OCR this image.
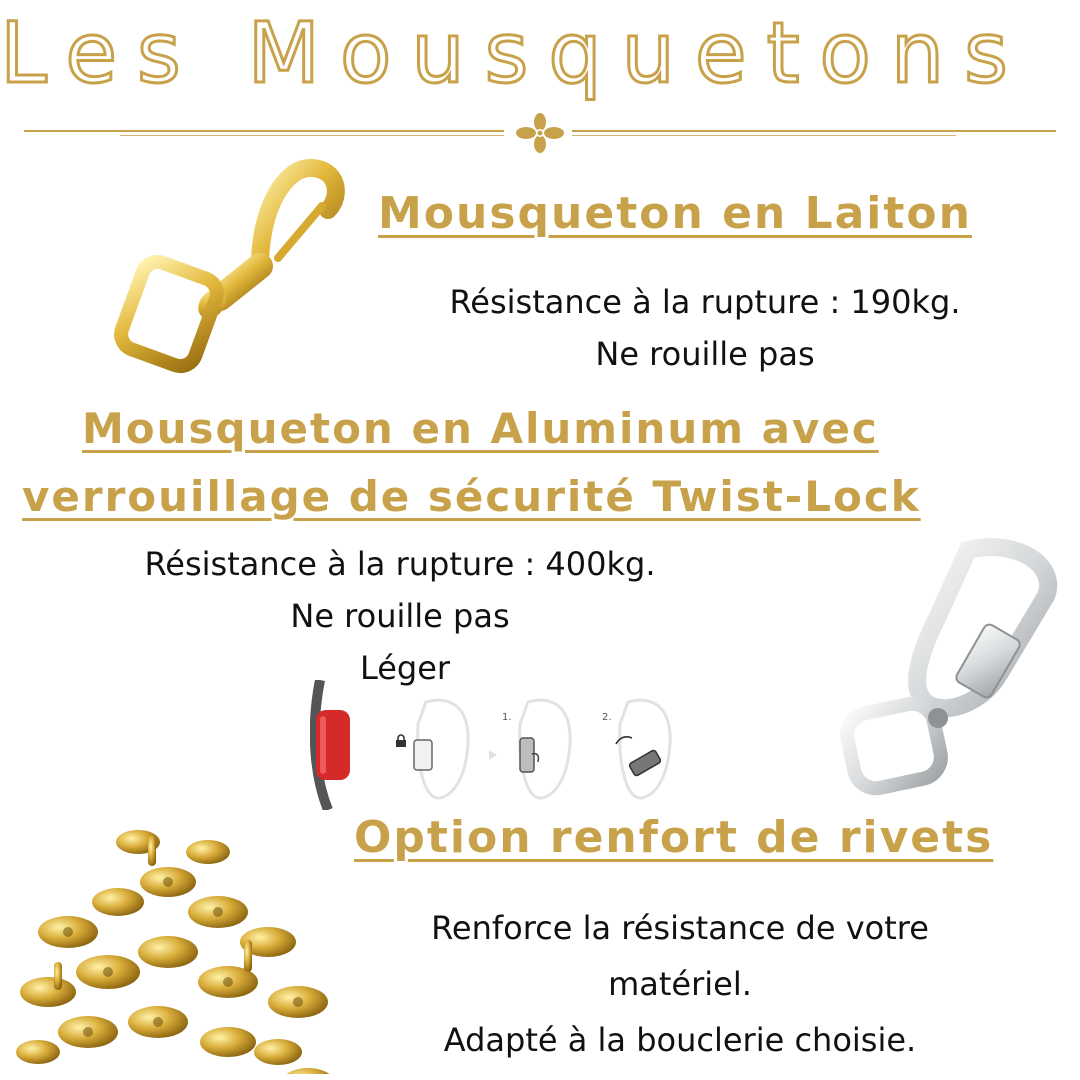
Les Mousquetons
Mousqueton en Laiton
Résistance à la rupture : 190kg.
Ne rouille pas
Mousqueton en Aluminum avec
verrouillage de sécurité Twist-Lock
Résistance à la rupture : 400kg.
Ne rouille pas
Léger
1.	2.
Option renfort de rivets
Renforce la résistance de votre
matériel.
Adapté à la bouclerie choisie.
